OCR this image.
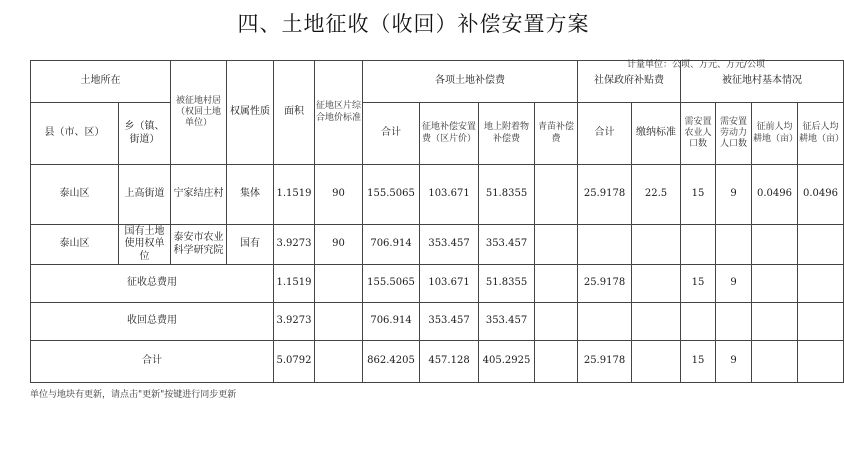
四、土地征收（收回）补偿安置方案
计量单位：公顷、万元、万元/公顷
土地所在		被征地村居（权回土地单位）	权属性质	面积	征地区片综合地价标准	各项土地补偿费				社保政府补贴费		被征地村基本情况			
县（市、区）	乡（镇、街道）					合计	征地补偿安置费（区片价）	地上附着物补偿费	青苗补偿费	合计	缴纳标准	需安置农业人口数	需安置劳动力人口数	征前人均耕地（亩）	征后人均耕地（亩）
泰山区	上高街道	宁家结庄村	集体	1.1519	90	155.5065	103.671	51.8355		25.9178	22.5	15	9	0.0496	0.0496
泰山区	国有土地使用权单位	泰安市农业科学研究院	国有	3.9273	90	706.914	353.457	353.457							
征收总费用				1.1519		155.5065	103.671	51.8355		25.9178		15	9		
收回总费用				3.9273		706.914	353.457	353.457							
合计				5.0792		862.4205	457.128	405.2925		25.9178		15	9		
单位与地块有更新，请点击"更新"按键进行同步更新
